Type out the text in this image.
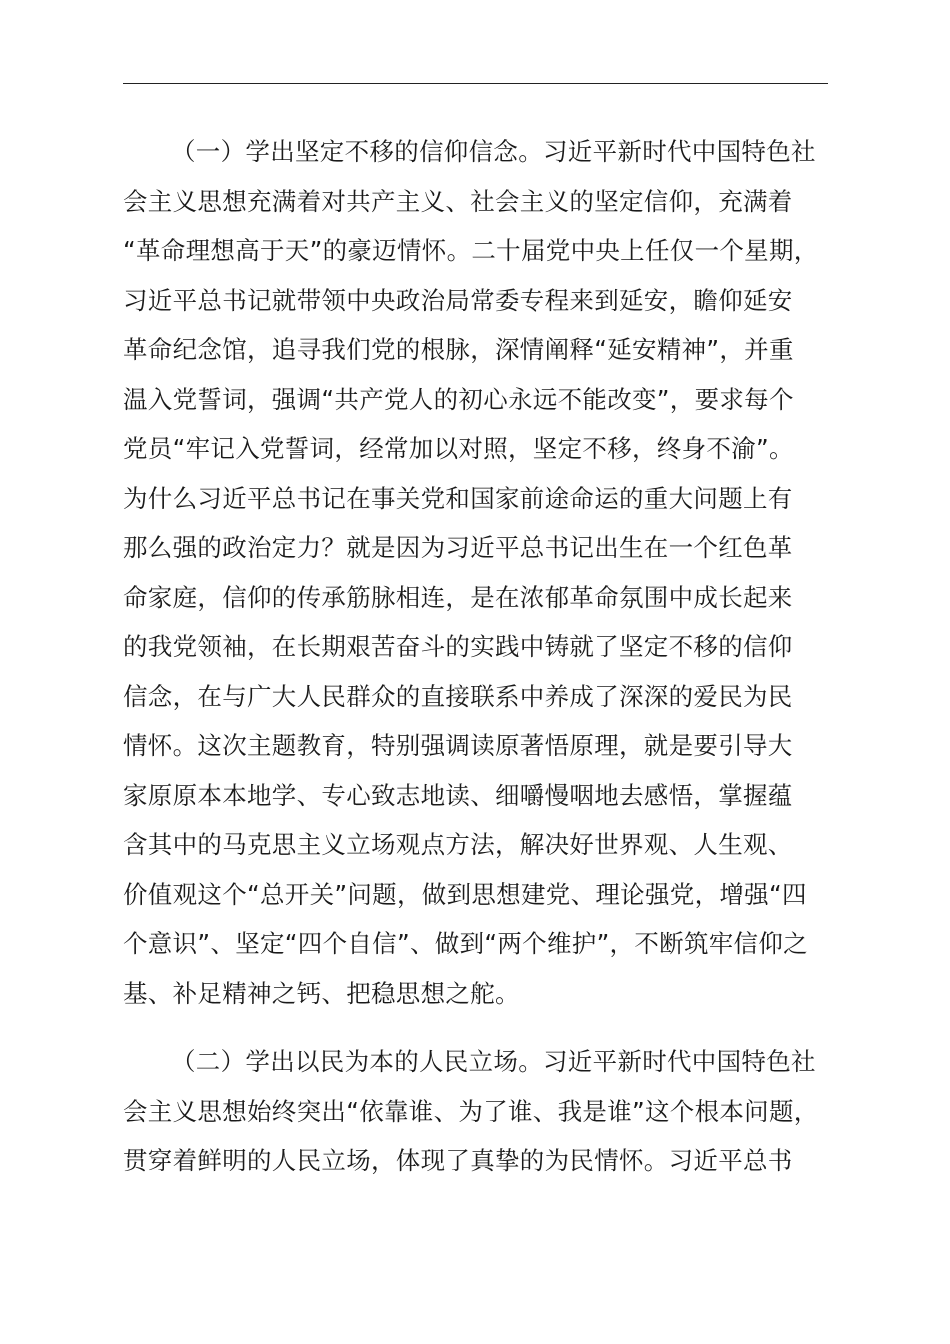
（一）学出坚定不移的信仰信念。习近平新时代中国特色社
会主义思想充满着对共产主义、社会主义的坚定信仰，充满着
“革命理想高于天”的豪迈情怀。二十届党中央上任仅一个星期，
习近平总书记就带领中央政治局常委专程来到延安，瞻仰延安
革命纪念馆，追寻我们党的根脉，深情阐释“延安精神”，并重
温入党誓词，强调“共产党人的初心永远不能改变”，要求每个
党员“牢记入党誓词，经常加以对照，坚定不移，终身不渝”。
为什么习近平总书记在事关党和国家前途命运的重大问题上有
那么强的政治定力？就是因为习近平总书记出生在一个红色革
命家庭，信仰的传承筋脉相连，是在浓郁革命氛围中成长起来
的我党领袖，在长期艰苦奋斗的实践中铸就了坚定不移的信仰
信念，在与广大人民群众的直接联系中养成了深深的爱民为民
情怀。这次主题教育，特别强调读原著悟原理，就是要引导大
家原原本本地学、专心致志地读、细嚼慢咽地去感悟，掌握蕴
含其中的马克思主义立场观点方法，解决好世界观、人生观、
价值观这个“总开关”问题，做到思想建党、理论强党，增强“四
个意识”、坚定“四个自信”、做到“两个维护”，不断筑牢信仰之
基、补足精神之钙、把稳思想之舵。
（二）学出以民为本的人民立场。习近平新时代中国特色社
会主义思想始终突出“依靠谁、为了谁、我是谁”这个根本问题，
贯穿着鲜明的人民立场，体现了真挚的为民情怀。习近平总书
